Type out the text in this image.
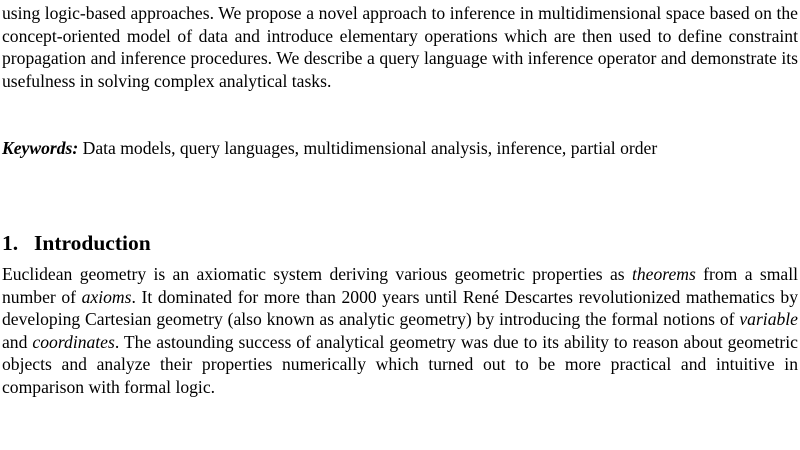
using logic-based approaches. We propose a novel approach to inference in multidimensional space based on the concept-oriented model of data and introduce elementary operations which are then used to define constraint propagation and inference procedures. We describe a query language with inference operator and demonstrate its usefulness in solving complex analytical tasks.

Keywords: Data models, query languages, multidimensional analysis, inference, partial order

1. Introduction

Euclidean geometry is an axiomatic system deriving various geometric properties as theorems from a small number of axioms. It dominated for more than 2000 years until René Descartes revolutionized mathematics by developing Cartesian geometry (also known as analytic geometry) by introducing the formal notions of variable and coordinates. The astounding success of analytical geometry was due to its ability to reason about geometric objects and analyze their properties numerically which turned out to be more practical and intuitive in comparison with formal logic.
